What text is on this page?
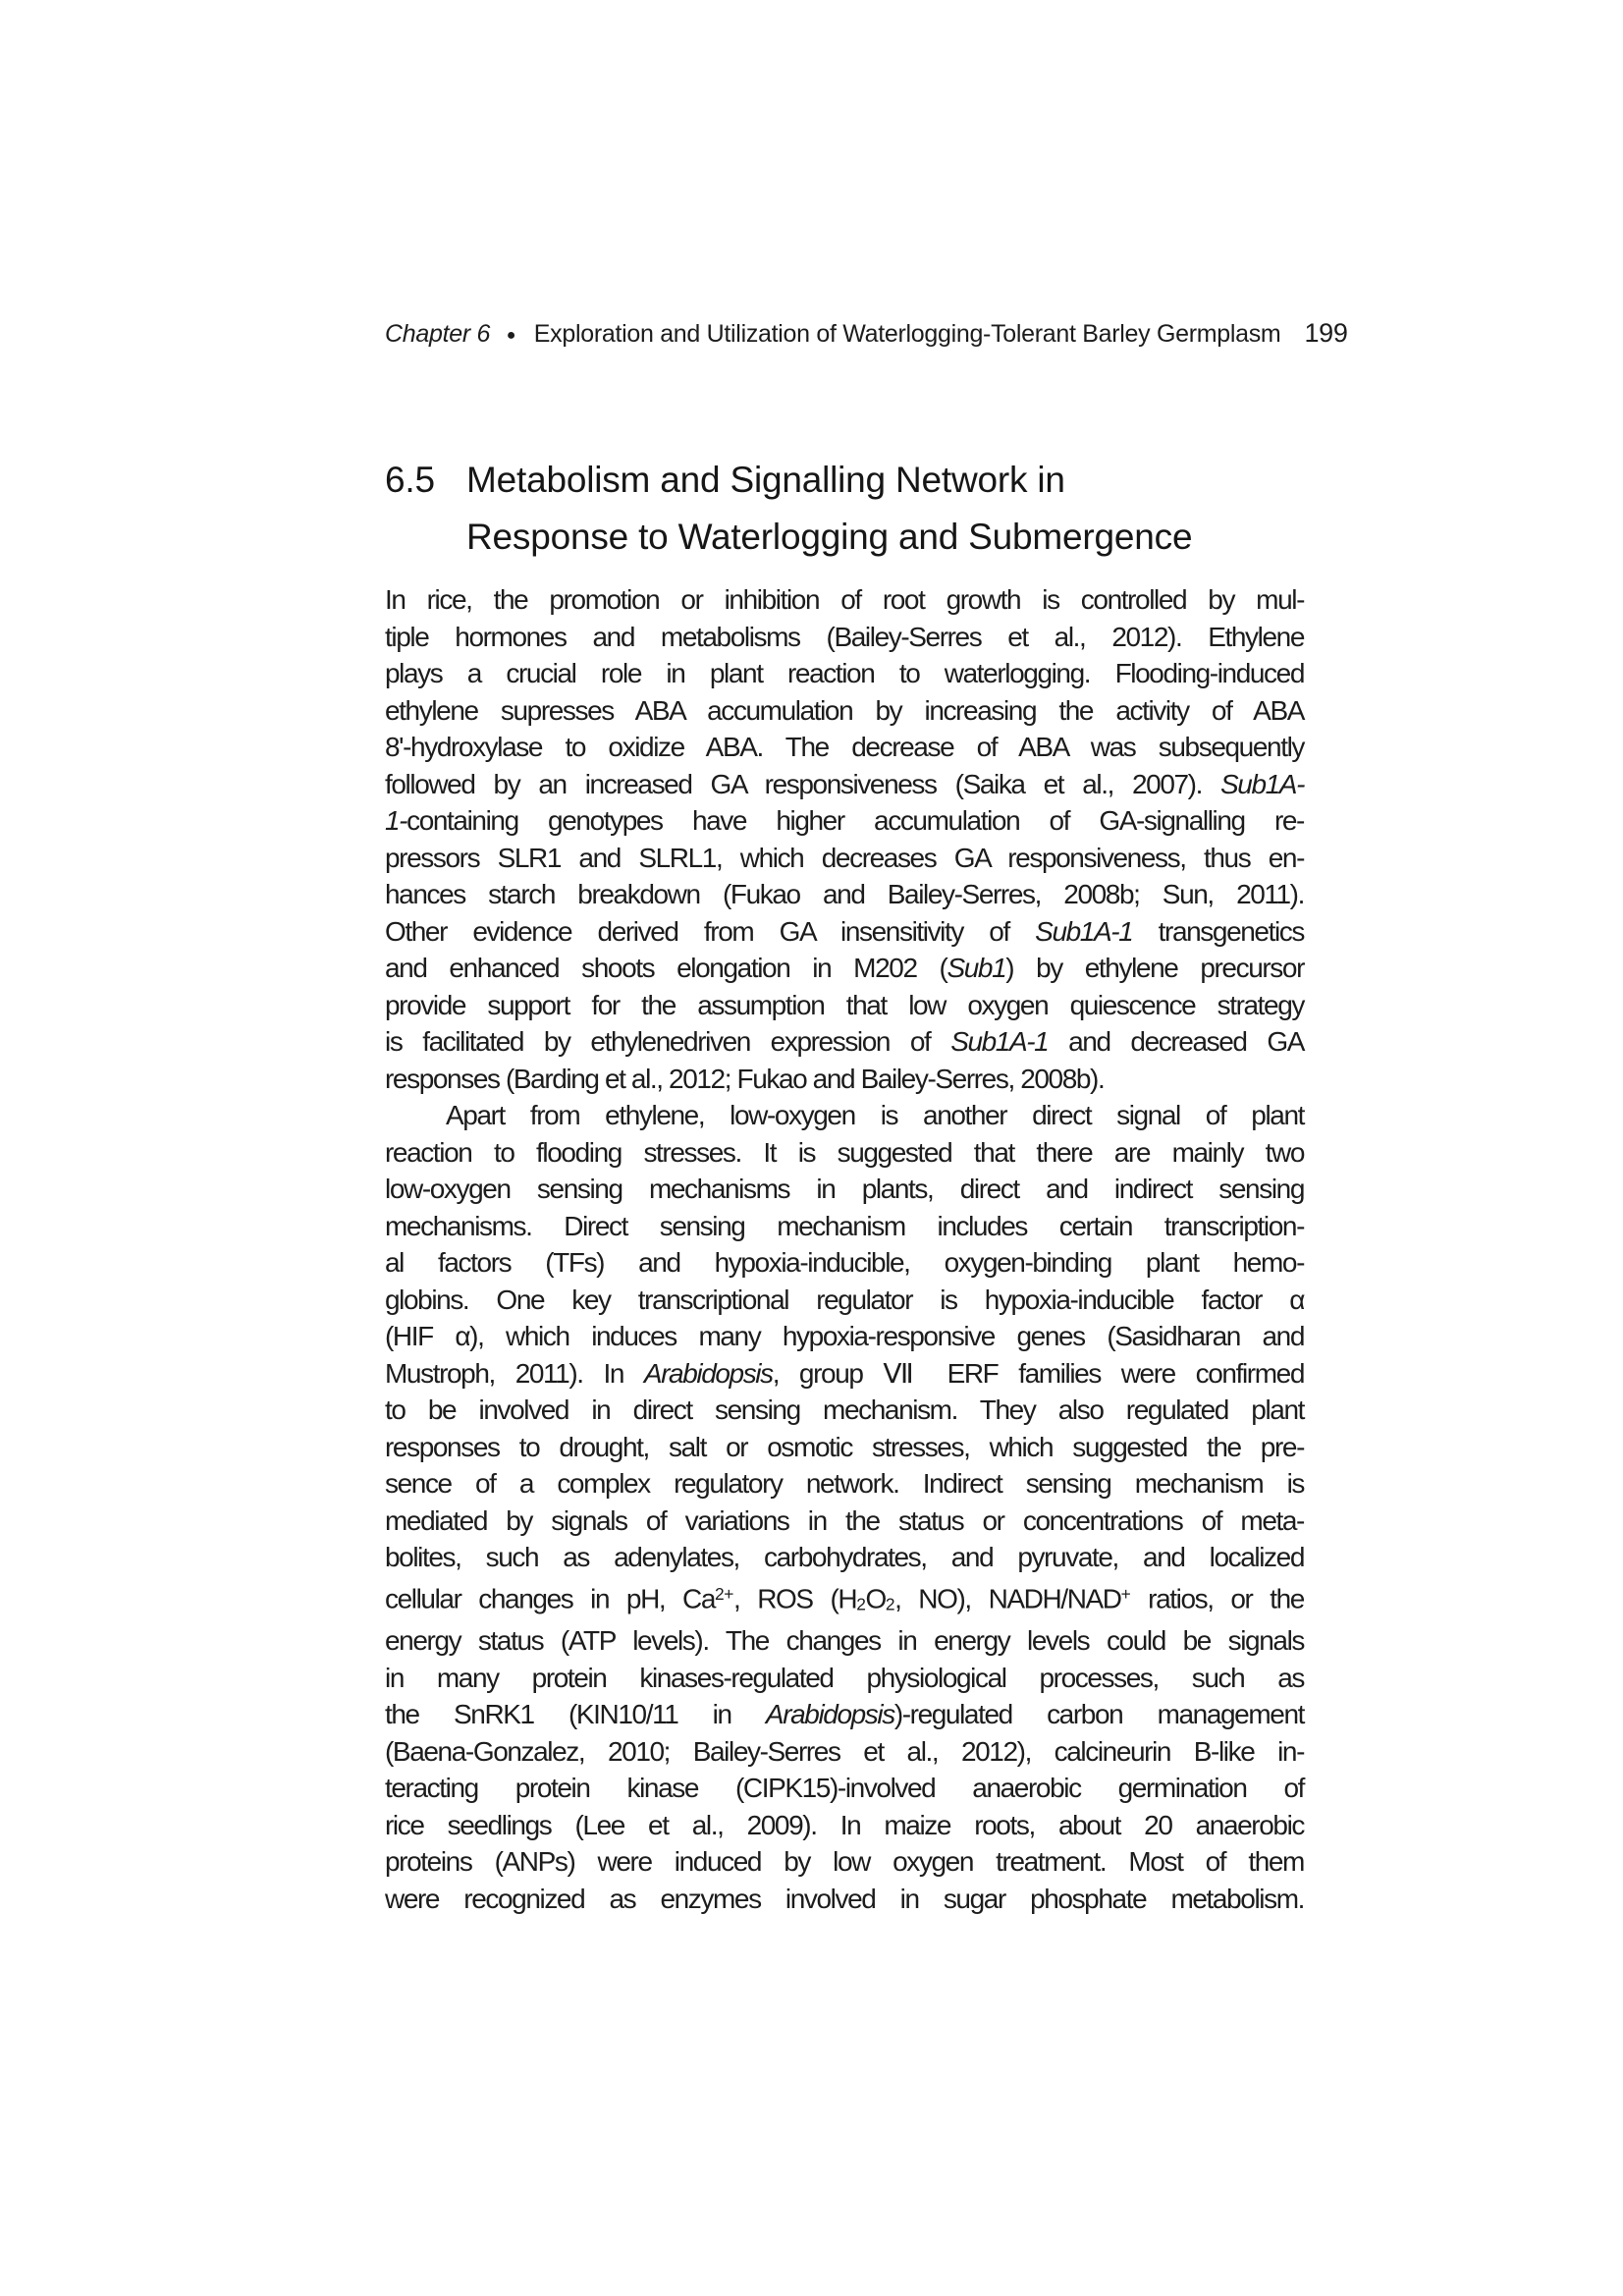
Chapter 6 ● Exploration and Utilization of Waterlogging-Tolerant Barley Germplasm 199
6.5 Metabolism and Signalling Network in
Response to Waterlogging and Submergence
In rice, the promotion or inhibition of root growth is controlled by mul-
tiple hormones and metabolisms (Bailey-Serres et al., 2012). Ethylene
plays a crucial role in plant reaction to waterlogging. Flooding-induced
ethylene supresses ABA accumulation by increasing the activity of ABA
8'-hydroxylase to oxidize ABA. The decrease of ABA was subsequently
followed by an increased GA responsiveness (Saika et al., 2007). Sub1A-
1-containing genotypes have higher accumulation of GA-signalling re-
pressors SLR1 and SLRL1, which decreases GA responsiveness, thus en-
hances starch breakdown (Fukao and Bailey-Serres, 2008b; Sun, 2011).
Other evidence derived from GA insensitivity of Sub1A-1 transgenetics
and enhanced shoots elongation in M202 (Sub1) by ethylene precursor
provide support for the assumption that low oxygen quiescence strategy
is facilitated by ethylenedriven expression of Sub1A-1 and decreased GA
responses (Barding et al., 2012; Fukao and Bailey-Serres, 2008b).
Apart from ethylene, low-oxygen is another direct signal of plant
reaction to flooding stresses. It is suggested that there are mainly two
low-oxygen sensing mechanisms in plants, direct and indirect sensing
mechanisms. Direct sensing mechanism includes certain transcription-
al factors (TFs) and hypoxia-inducible, oxygen-binding plant hemo-
globins. One key transcriptional regulator is hypoxia-inducible factor α
(HIF α), which induces many hypoxia-responsive genes (Sasidharan and
Mustroph, 2011). In Arabidopsis, group Ⅶ ERF families were confirmed
to be involved in direct sensing mechanism. They also regulated plant
responses to drought, salt or osmotic stresses, which suggested the pre-
sence of a complex regulatory network. Indirect sensing mechanism is
mediated by signals of variations in the status or concentrations of meta-
bolites, such as adenylates, carbohydrates, and pyruvate, and localized
cellular changes in pH, $Ca^{2+}$, ROS (H2O2, NO), NADH/NAD+ ratios, or the
energy status (ATP levels). The changes in energy levels could be signals
in many protein kinases-regulated physiological processes, such as
the SnRK1 (KIN10/11 in Arabidopsis)-regulated carbon management
(Baena-Gonzalez, 2010; Bailey-Serres et al., 2012), calcineurin B-like in-
teracting protein kinase (CIPK15)-involved anaerobic germination of
rice seedlings (Lee et al., 2009). In maize roots, about 20 anaerobic
proteins (ANPs) were induced by low oxygen treatment. Most of them
were recognized as enzymes involved in sugar phosphate metabolism.
